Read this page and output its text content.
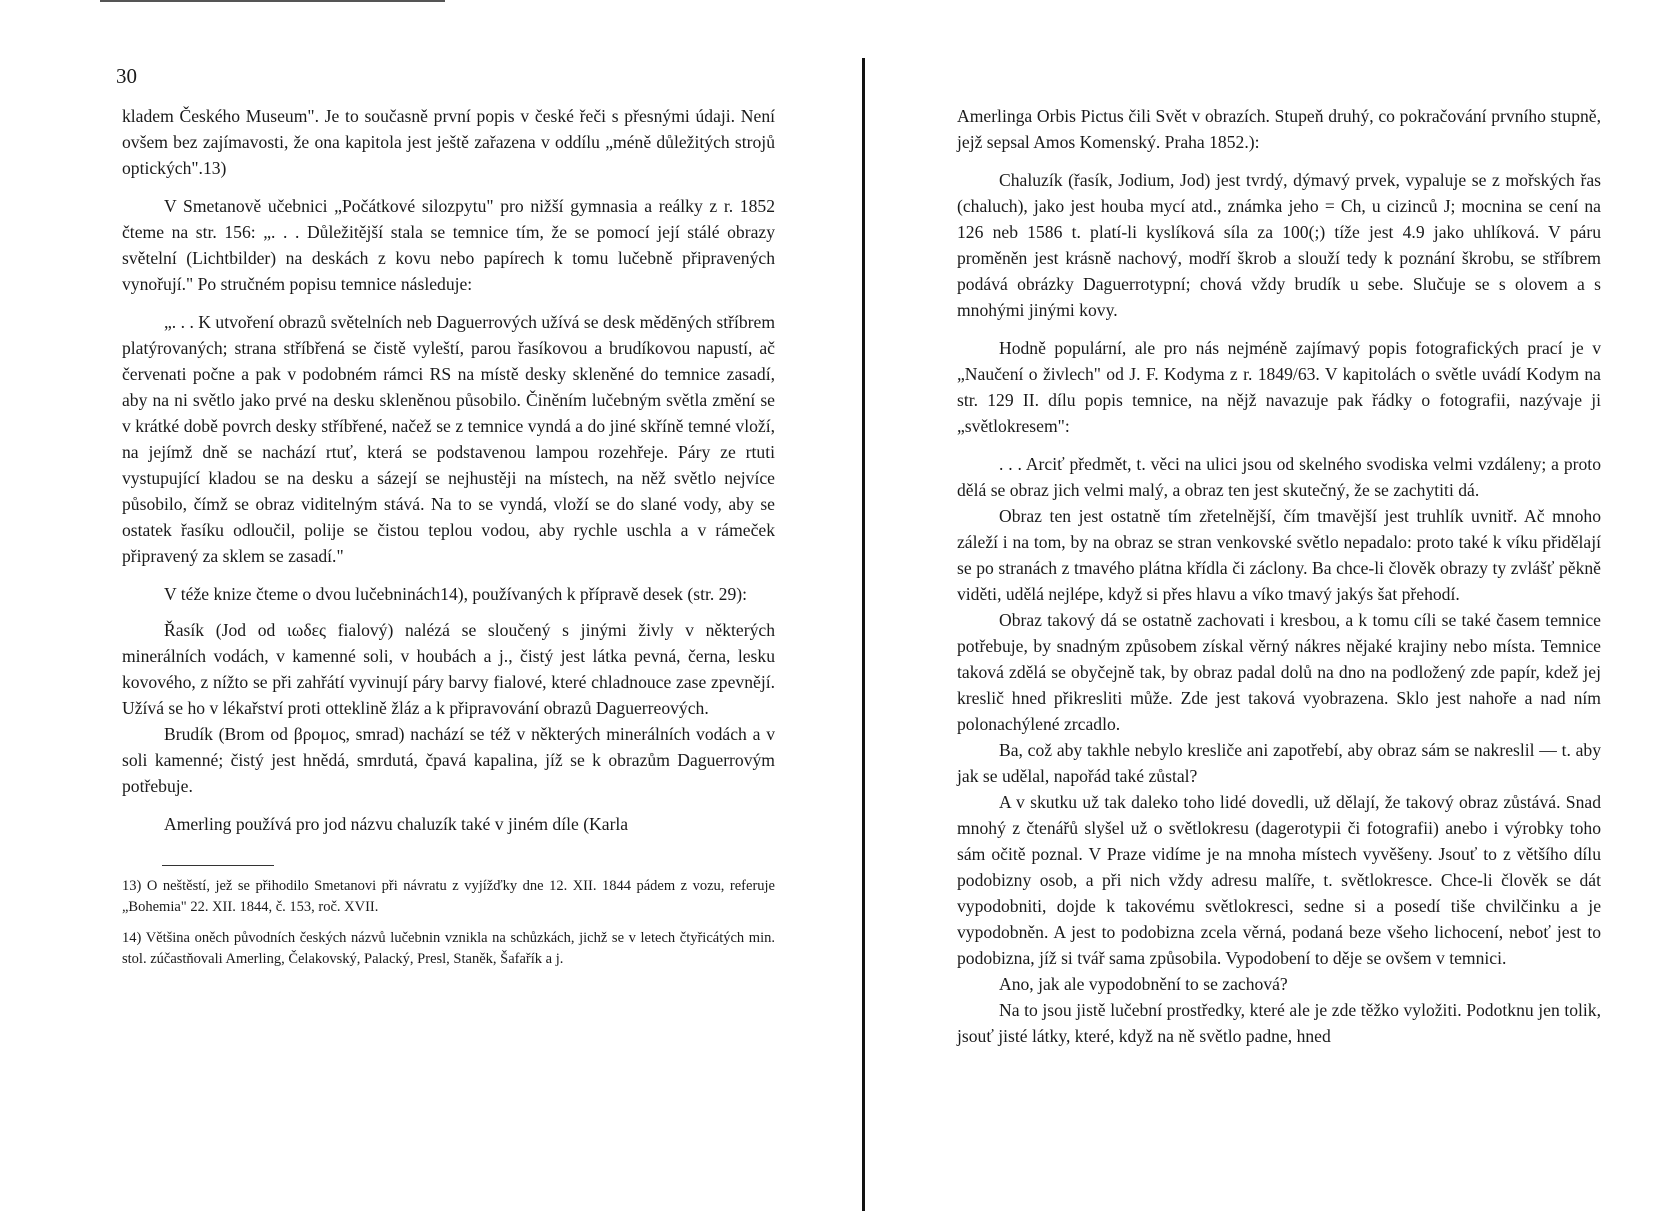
30

kladem Českého Museum". Je to současně první popis v české řeči s přesnými údaji. Není ovšem bez zajímavosti, že ona kapitola jest ještě zařazena v oddílu „méně důležitých strojů optických".13)

V Smetanově učebnici „Počátkové silozpytu" pro nižší gymnasia a reálky z r. 1852 čteme na str. 156: „. . . Důležitější stala se temnice tím, že se pomocí její stálé obrazy světelní (Lichtbilder) na deskách z kovu nebo papírech k tomu lučebně připravených vynořují." Po stručném popisu temnice následuje:

„. . . K utvoření obrazů světelních neb Daguerrových užívá se desk mědĕných stříbrem platýrovaných; strana stříbřená se čistě vyleští, parou řasíkovou a brudíkovou napustí, ač červenati počne a pak v podobném rámci RS na místě desky skleněné do temnice zasadí, aby na ni světlo jako prvé na desku skleněnou působilo. Činěním lučebným světla změní se v krátké době povrch desky stříbřené, načež se z temnice vyndá a do jiné skříně temné vloží, na jejímž dně se nachází rtuť, která se podstavenou lampou rozehřeje. Páry ze rtuti vystupující kladou se na desku a sázejí se nejhustěji na místech, na něž světlo nejvíce působilo, čímž se obraz viditelným stává. Na to se vyndá, vloží se do slané vody, aby se ostatek řasíku odloučil, polije se čistou teplou vodou, aby rychle uschla a v rámeček připravený za sklem se zasadí."

V téže knize čteme o dvou lučebninách14), používaných k přípravě desek (str. 29):

Řasík (Jod od ιωδες fialový) nalézá se sloučený s jinými živly v některých minerálních vodách, v kamenné soli, v houbách a j., čistý jest látka pevná, černa, lesku kovového, z nížto se při zahřátí vyvinují páry barvy fialové, které chladnouce zase zpevnějí. Užívá se ho v lékařství proti otteklině žláz a k připravování obrazů Daguerreových.

Brudík (Brom od βρομος, smrad) nachází se též v některých minerálních vodách a v soli kamenné; čistý jest hnědá, smrdutá, čpavá kapalina, jíž se k obrazům Daguerrovým potřebuje.

Amerling používá pro jod názvu chaluzík také v jiném díle (Karla

13) O neštěstí, jež se přihodilo Smetanovi při návratu z vyjížďky dne 12. XII. 1844 pádem z vozu, referuje „Bohemia" 22. XII. 1844, č. 153, roč. XVII.

14) Většina oněch původních českých názvů lučebnin vznikla na schůzkách, jichž se v letech čtyřicátých min. stol. zúčastňovali Amerling, Čelakovský, Palacký, Presl, Staněk, Šafařík a j.

Amerlinga Orbis Pictus čili Svět v obrazích. Stupeň druhý, co pokračování prvního stupně, jejž sepsal Amos Komenský. Praha 1852.):

Chaluzík (řasík, Jodium, Jod) jest tvrdý, dýmavý prvek, vypaluje se z mořských řas (chaluch), jako jest houba mycí atd., známka jeho = Ch, u cizinců J; mocnina se cení na 126 neb 1586 t. platí-li kyslíková síla za 100(;) tíže jest 4.9 jako uhlíková. V páru proměněn jest krásně nachový, modří škrob a slouží tedy k poznání škrobu, se stříbrem podává obrázky Daguerrotypní; chová vždy brudík u sebe. Slučuje se s olovem a s mnohými jinými kovy.

Hodně populární, ale pro nás nejméně zajímavý popis fotografických prací je v „Naučení o živlech" od J. F. Kodyma z r. 1849/63. V kapitolách o světle uvádí Kodym na str. 129 II. dílu popis temnice, na nějž navazuje pak řádky o fotografii, nazývaje ji „světlokresem":

. . . Arciť předmět, t. věci na ulici jsou od skelného svodiska velmi vzdáleny; a proto dělá se obraz jich velmi malý, a obraz ten jest skutečný, že se zachytiti dá.

Obraz ten jest ostatně tím zřetelnější, čím tmavější jest truhlík uvnitř. Ač mnoho záleží i na tom, by na obraz se stran venkovské světlo nepadalo: proto také k víku přidělají se po stranách z tmavého plátna křídla či záclony. Ba chce-li člověk obrazy ty zvlášť pěkně viděti, udělá nejlépe, když si přes hlavu a víko tmavý jakýs šat přehodí.

Obraz takový dá se ostatně zachovati i kresbou, a k tomu cíli se také časem temnice potřebuje, by snadným způsobem získal věrný nákres nějaké krajiny nebo místa. Temnice taková zdělá se obyčejně tak, by obraz padal dolů na dno na podložený zde papír, kdež jej kreslič hned přikresliti může. Zde jest taková vyobrazena. Sklo jest nahoře a nad ním polonachýlené zrcadlo.

Ba, což aby takhle nebylo kresliče ani zapotřebí, aby obraz sám se nakreslil — t. aby jak se udělal, napořád také zůstal?

A v skutku už tak daleko toho lidé dovedli, už dělají, že takový obraz zůstává. Snad mnohý z čtenářů slyšel už o světlokresu (dagerotypii či fotografii) anebo i výrobky toho sám očitě poznal. V Praze vidíme je na mnoha místech vyvěšeny. Jsouť to z většího dílu podobizny osob, a při nich vždy adresu malíře, t. světlokresce. Chce-li člověk se dát vypodobniti, dojde k takovému světlokresci, sedne si a posedí tiše chvilčinku a je vypodobněn. A jest to podobizna zcela věrná, podaná beze všeho lichocení, neboť jest to podobizna, jíž si tvář sama způsobila. Vypodobení to děje se ovšem v temnici.

Ano, jak ale vypodobnění to se zachová?

Na to jsou jistě lučební prostředky, které ale je zde těžko vyložiti. Podotknu jen tolik, jsouť jisté látky, které, když na ně světlo padne, hned
